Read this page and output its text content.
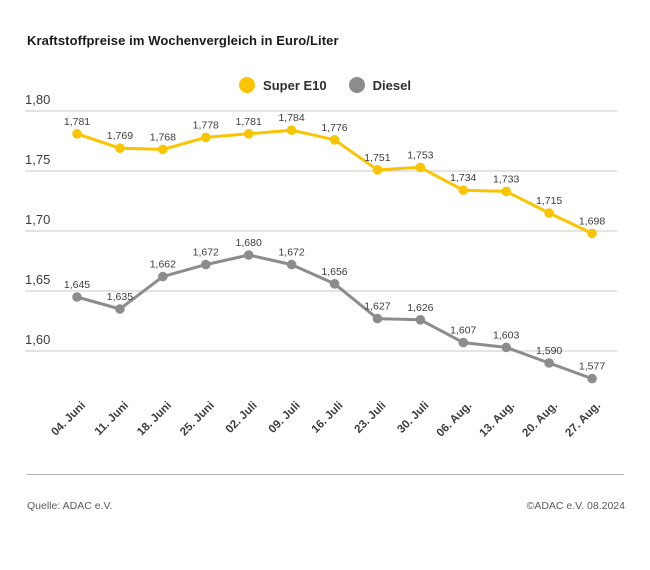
Kraftstoffpreise im Wochenvergleich in Euro/Liter
Super E10	Diesel
1,80
1,75
1,70
1,65
1,60
04. Juni 11. Juni 18. Juni 25. Juni 02. Juli 09. Juli 16. Juli 23. Juli 30. Juli 06. Aug. 13. Aug. 20. Aug. 27. Aug.
1,781
1,769 1,768
1,778 1,781 1,784
1,776
1,751 1,753
1,734 1,733
1,715
1,698
1,645
1,635
1,662
1,672
1,680
1,672
1,656
1,627 1,626
1,607 1,603
1,590
1,577
Quelle: ADAC e.V.	©ADAC e.V. 08.2024
